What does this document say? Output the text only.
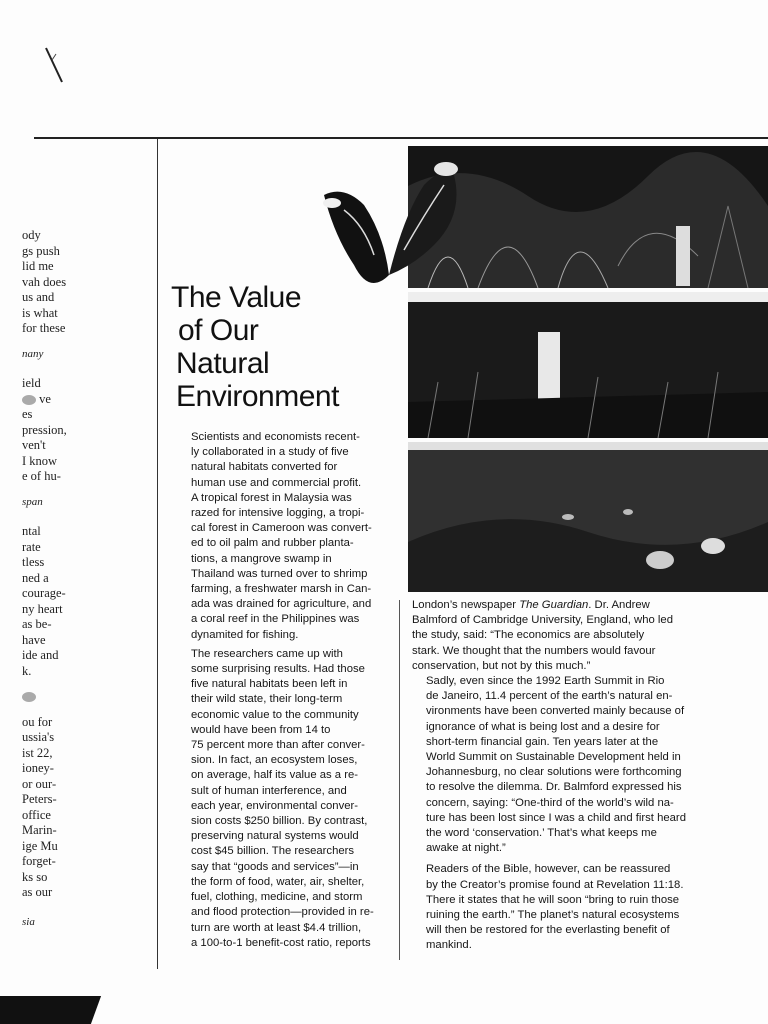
ody
gs push
lid me
vah does
us and
is what
for these
nany
ield
ve
es
pression,
ven't
I know
e of hu-
span
ntal
rate
tless
ned a
courage-
ny heart
as be-
have
ide and
k.
ou for
ussia's
ist 22,
ioney-
or our-
Peters-
office
Marin-
ige Mu
forget-
ks so
as our
sia
The Value
of Our
Natural
Environment

Scientists and economists recent-
ly collaborated in a study of five
natural habitats converted for
human use and commercial profit.
A tropical forest in Malaysia was
razed for intensive logging, a tropi-
cal forest in Cameroon was convert-
ed to oil palm and rubber planta-
tions, a mangrove swamp in
Thailand was turned over to shrimp
farming, a freshwater marsh in Can-
ada was drained for agriculture, and
a coral reef in the Philippines was
dynamited for fishing.

The researchers came up with
some surprising results. Had those
five natural habitats been left in
their wild state, their long-term
economic value to the community
would have been from 14 to
75 percent more than after conver-
sion. In fact, an ecosystem loses,
on average, half its value as a re-
sult of human interference, and
each year, environmental conver-
sion costs $250 billion. By contrast,
preserving natural systems would
cost $45 billion. The researchers
say that “goods and services”—in
the form of food, water, air, shelter,
fuel, clothing, medicine, and storm
and flood protection—provided in re-
turn are worth at least $4.4 trillion,
a 100-to-1 benefit-cost ratio, reports

London’s newspaper The Guardian. Dr. Andrew
Balmford of Cambridge University, England, who led
the study, said: “The economics are absolutely
stark. We thought that the numbers would favour
conservation, but not by this much.”

Sadly, even since the 1992 Earth Summit in Rio
de Janeiro, 11.4 percent of the earth’s natural en-
vironments have been converted mainly because of
ignorance of what is being lost and a desire for
short-term financial gain. Ten years later at the
World Summit on Sustainable Development held in
Johannesburg, no clear solutions were forthcoming
to resolve the dilemma. Dr. Balmford expressed his
concern, saying: “One-third of the world’s wild na-
ture has been lost since I was a child and first heard
the word ‘conservation.’ That’s what keeps me
awake at night.”

Readers of the Bible, however, can be reassured
by the Creator’s promise found at Revelation 11:18.
There it states that he will soon “bring to ruin those
ruining the earth.” The planet’s natural ecosystems
will then be restored for the everlasting benefit of
mankind.
